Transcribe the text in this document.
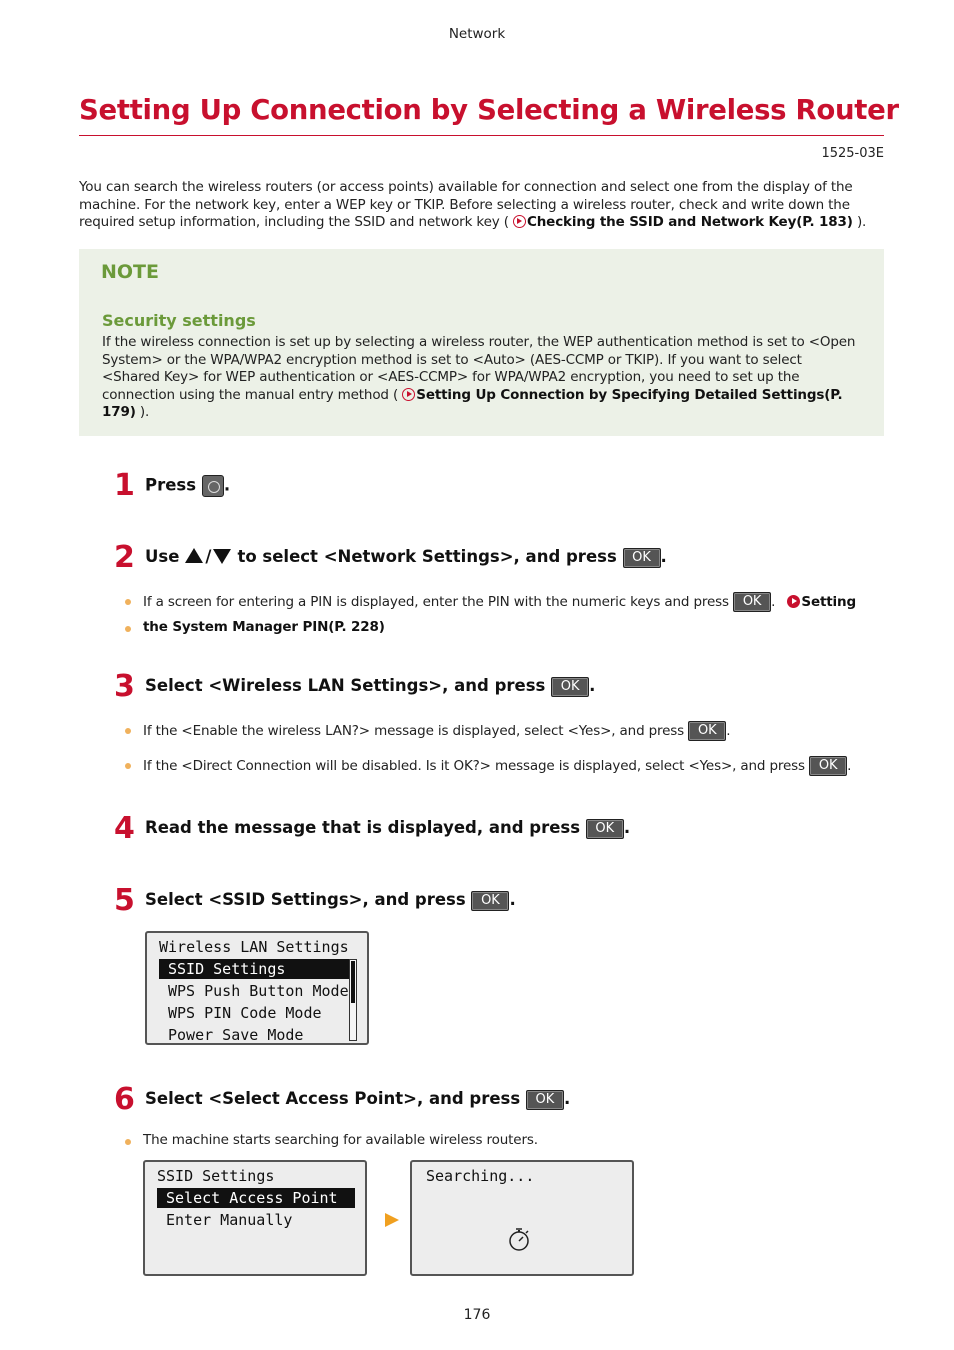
Network
Setting Up Connection by Selecting a Wireless Router
1525-03E
You can search the wireless routers (or access points) available for connection and select one from the display of the machine. For the network key, enter a WEP key or TKIP. Before selecting a wireless router, check and write down the required setup information, including the SSID and network key ( Checking the SSID and Network Key(P. 183) ).
NOTE
Security settings
If the wireless connection is set up by selecting a wireless router, the WEP authentication method is set to <Open System> or the WPA/WPA2 encryption method is set to <Auto> (AES-CCMP or TKIP). If you want to select <Shared Key> for WEP authentication or <AES-CCMP> for WPA/WPA2 encryption, you need to set up the connection using the manual entry method ( Setting Up Connection by Specifying Detailed Settings(P. 179) ).
1 Press .
2 Use / to select <Network Settings>, and press OK .
If a screen for entering a PIN is displayed, enter the PIN with the numeric keys and press OK . Setting
the System Manager PIN(P. 228)
3 Select <Wireless LAN Settings>, and press OK .
If the <Enable the wireless LAN?> message is displayed, select <Yes>, and press OK .
If the <Direct Connection will be disabled. Is it OK?> message is displayed, select <Yes>, and press OK .
4 Read the message that is displayed, and press OK .
5 Select <SSID Settings>, and press OK .
Wireless LAN Settings
SSID Settings
WPS Push Button Mode
WPS PIN Code Mode
Power Save Mode
6 Select <Select Access Point>, and press OK .
The machine starts searching for available wireless routers.
SSID Settings
Select Access Point
Enter Manually
Searching...
176
